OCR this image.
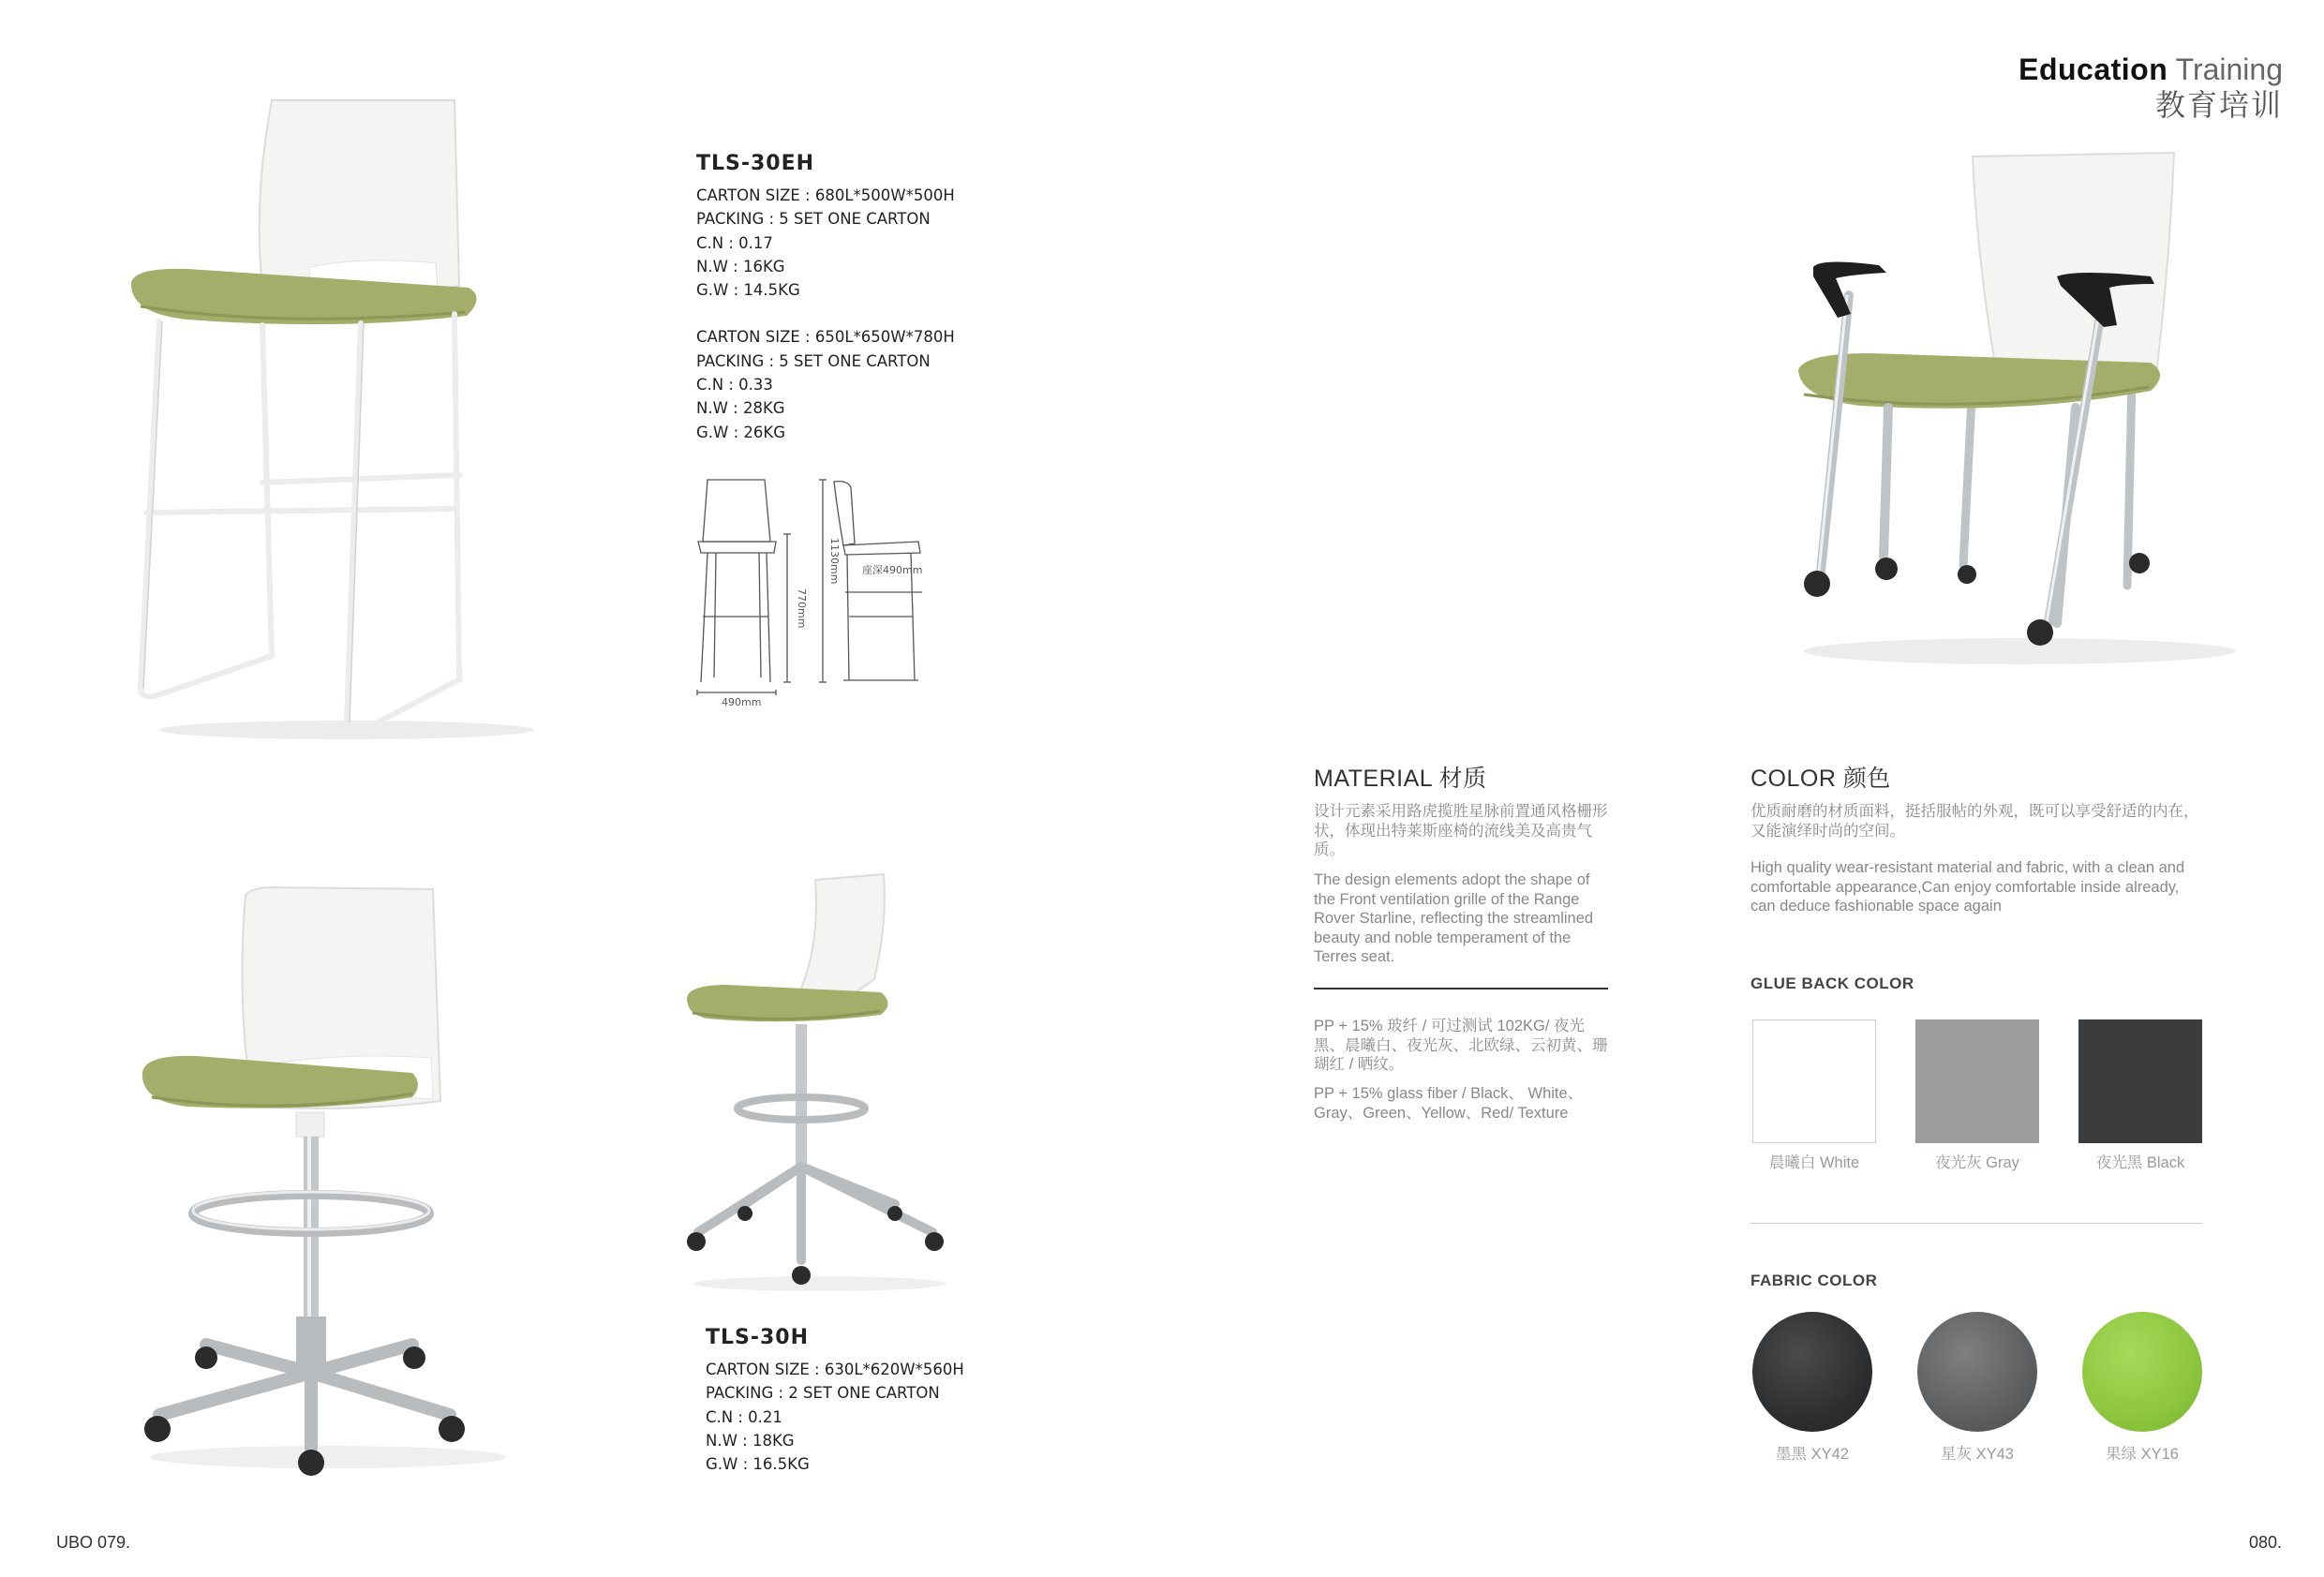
Education Training
教育培训
TLS-30EH
CARTON SIZE : 680L*500W*500H
PACKING : 5 SET ONE CARTON
C.N : 0.17
N.W : 16KG
G.W : 14.5KG
CARTON SIZE : 650L*650W*780H
PACKING : 5 SET ONE CARTON
C.N : 0.33
N.W : 28KG
G.W : 26KG
490mm
770mm
1130mm 座深490mm
TLS-30H
CARTON SIZE : 630L*620W*560H
PACKING : 2 SET ONE CARTON
C.N : 0.21
N.W : 18KG
G.W : 16.5KG
MATERIAL 材质
设计元素采用路虎揽胜星脉前置通风格栅形状，体现出特莱斯座椅的流线美及高贵气质。
The design elements adopt the shape of the Front ventilation grille of the Range Rover Starline, reflecting the streamlined beauty and noble temperament of the Terres seat.
PP + 15% 玻纤 / 可过测试 102KG/ 夜光黑、晨曦白、夜光灰、北欧绿、云初黄、珊瑚红 / 晒纹。
PP + 15% glass fiber / Black、 White、Gray、Green、Yellow、Red/ Texture
COLOR 颜色
优质耐磨的材质面料，挺括服帖的外观，既可以享受舒适的内在，又能演绎时尚的空间。
High quality wear-resistant material and fabric, with a clean and comfortable appearance,Can enjoy comfortable inside already, can deduce fashionable space again
GLUE BACK COLOR
晨曦白 White	夜光灰 Gray	夜光黑 Black
FABRIC COLOR
墨黑 XY42	星灰 XY43	果绿 XY16
UBO 079.	080.
